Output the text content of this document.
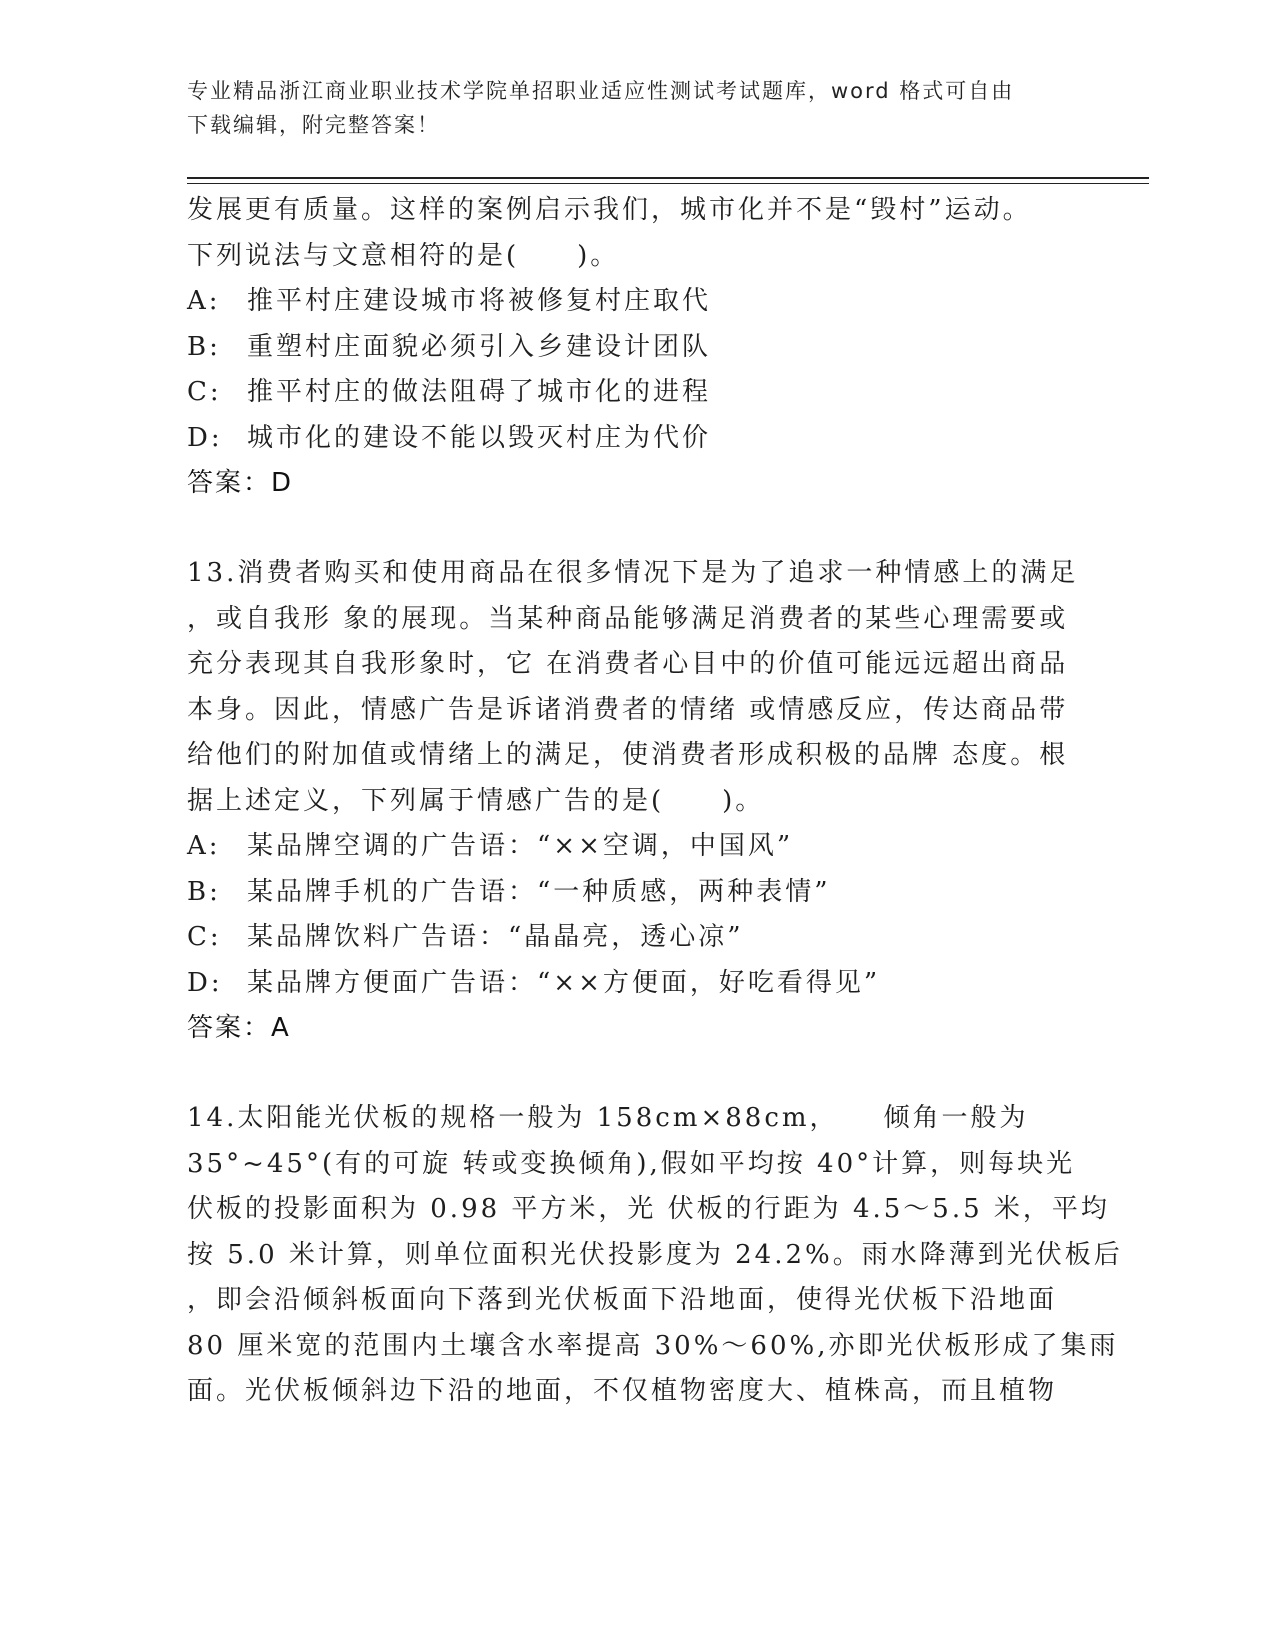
专业精品浙江商业职业技术学院单招职业适应性测试考试题库，word 格式可自由
下载编辑，附完整答案！
发展更有质量。这样的案例启示我们，城市化并不是“毁村”运动。
下列说法与文意相符的是(　　)。
A: 推平村庄建设城市将被修复村庄取代
B: 重塑村庄面貌必须引入乡建设计团队
C: 推平村庄的做法阻碍了城市化的进程
D: 城市化的建设不能以毁灭村庄为代价
答案：D
13.消费者购买和使用商品在很多情况下是为了追求一种情感上的满足
，或自我形 象的展现。当某种商品能够满足消费者的某些心理需要或
充分表现其自我形象时，它 在消费者心目中的价值可能远远超出商品
本身。因此，情感广告是诉诸消费者的情绪 或情感反应，传达商品带
给他们的附加值或情绪上的满足，使消费者形成积极的品牌 态度。根
据上述定义，下列属于情感广告的是(　　)。
A: 某品牌空调的广告语：“××空调，中国风”
B: 某品牌手机的广告语：“一种质感，两种表情”
C: 某品牌饮料广告语：“晶晶亮，透心凉”
D: 某品牌方便面广告语：“××方便面，好吃看得见”
答案：A
14.太阳能光伏板的规格一般为 158cm×88cm，　　倾角一般为
35°~45°(有的可旋 转或变换倾角),假如平均按 40°计算，则每块光
伏板的投影面积为 0.98 平方米，光 伏板的行距为 4.5～5.5 米，平均
按 5.0 米计算，则单位面积光伏投影度为 24.2%。雨水降薄到光伏板后
，即会沿倾斜板面向下落到光伏板面下沿地面，使得光伏板下沿地面
80 厘米宽的范围内土壤含水率提高 30%～60%,亦即光伏板形成了集雨
面。光伏板倾斜边下沿的地面，不仅植物密度大、植株高，而且植物
